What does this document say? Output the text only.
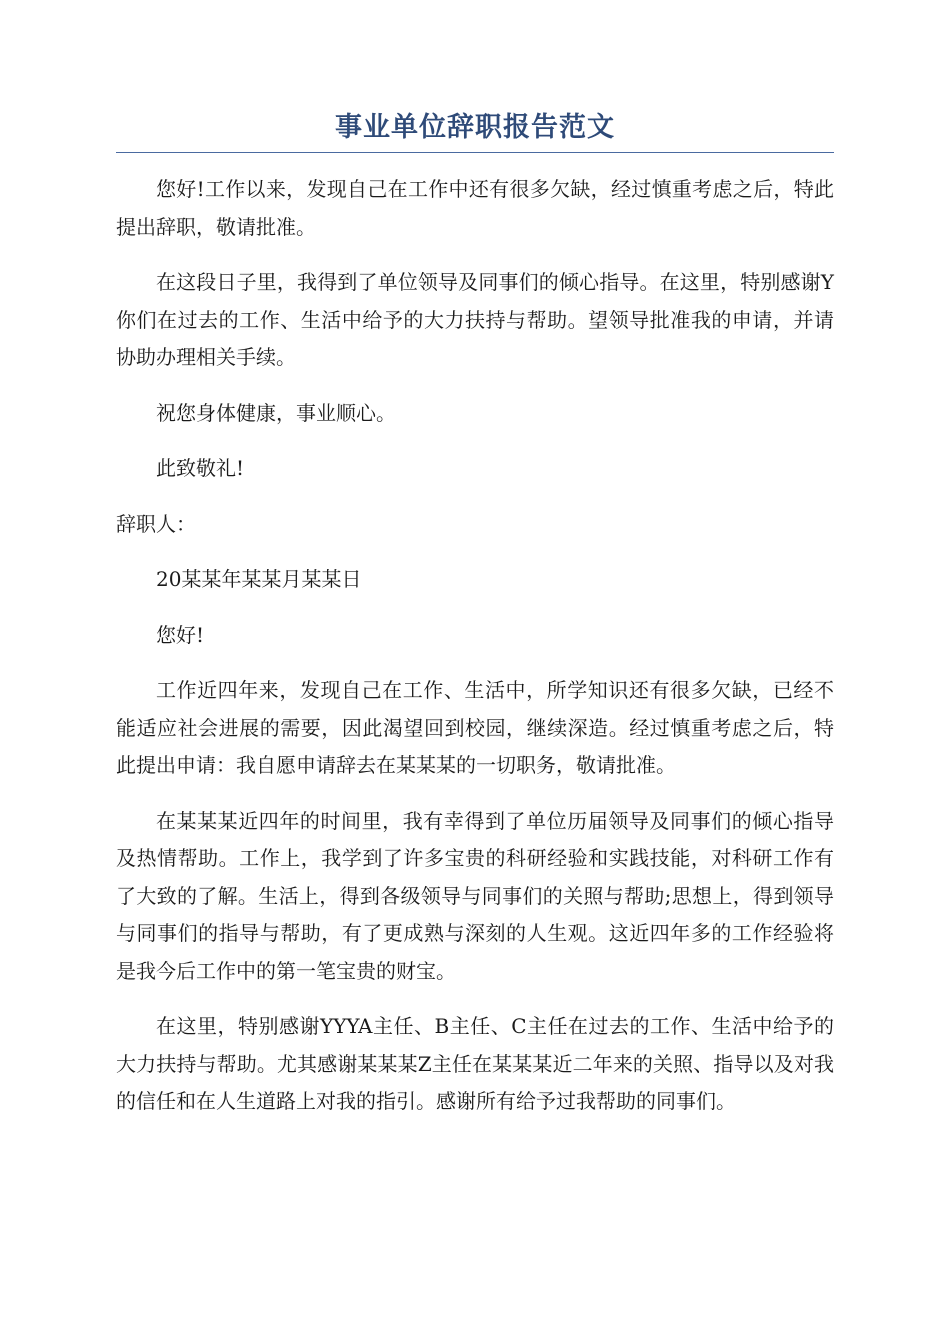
事业单位辞职报告范文

您好!工作以来，发现自己在工作中还有很多欠缺，经过慎重考虑之后，特此提出辞职，敬请批准。

在这段日子里，我得到了单位领导及同事们的倾心指导。在这里，特别感谢Y你们在过去的工作、生活中给予的大力扶持与帮助。望领导批准我的申请，并请协助办理相关手续。

祝您身体健康，事业顺心。

此致敬礼!

辞职人：

20某某年某某月某某日

您好!

工作近四年来，发现自己在工作、生活中，所学知识还有很多欠缺，已经不能适应社会进展的需要，因此渴望回到校园，继续深造。经过慎重考虑之后，特此提出申请：我自愿申请辞去在某某某的一切职务，敬请批准。

在某某某近四年的时间里，我有幸得到了单位历届领导及同事们的倾心指导及热情帮助。工作上，我学到了许多宝贵的科研经验和实践技能，对科研工作有了大致的了解。生活上，得到各级领导与同事们的关照与帮助;思想上，得到领导与同事们的指导与帮助，有了更成熟与深刻的人生观。这近四年多的工作经验将是我今后工作中的第一笔宝贵的财宝。

在这里，特别感谢YYYA主任、B主任、C主任在过去的工作、生活中给予的大力扶持与帮助。尤其感谢某某某Z主任在某某某近二年来的关照、指导以及对我的信任和在人生道路上对我的指引。感谢所有给予过我帮助的同事们。
